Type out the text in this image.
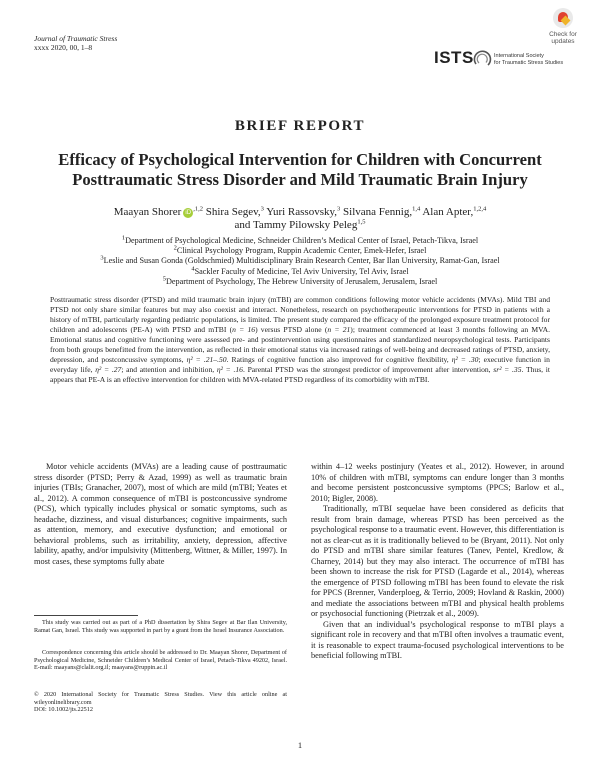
Journal of Traumatic Stress
xxxx 2020, 00, 1–8
ISTS	International Society
for Traumatic Stress Studies
Check for
updates
BRIEF REPORT
Efficacy of Psychological Intervention for Children with Concurrent
Posttraumatic Stress Disorder and Mild Traumatic Brain Injury
Maayan Shorer $iD^{,1,2}$ Shira Segev,$^3$ Yuri Rassovsky,$^3$ Silvana Fennig,$^{1,4}$ Alan Apter,$^{1,2,4}$
and Tammy Pilowsky Peleg$^{1,5}$
$^1$Department of Psychological Medicine, Schneider Children’s Medical Center of Israel, Petach-Tikva, Israel
$^2$Clinical Psychology Program, Ruppin Academic Center, Emek-Hefer, Israel
$^3$Leslie and Susan Gonda (Goldschmied) Multidisciplinary Brain Research Center, Bar Ilan University, Ramat-Gan, Israel
$^4$Sackler Faculty of Medicine, Tel Aviv University, Tel Aviv, Israel
$^5$Department of Psychology, The Hebrew University of Jerusalem, Jerusalem, Israel
Posttraumatic stress disorder (PTSD) and mild traumatic brain injury (mTBI) are common conditions following motor vehicle accidents (MVAs). Mild TBI and PTSD not only share similar features but may also coexist and interact. Nonetheless, research on psychotherapeutic interventions for PTSD in patients with a history of mTBI, particularly regarding pediatric populations, is limited. The present study compared the efficacy of the prolonged exposure treatment protocol for children and adolescents (PE-A) with PTSD and mTBI (n = 16) versus PTSD alone (n = 21); treatment commenced at least 3 months following an MVA. Emotional status and cognitive functioning were assessed pre- and postintervention using questionnaires and standardized neuropsychological tests. Participants from both groups benefitted from the intervention, as reflected in their emotional status via increased ratings of well-being and decreased ratings of PTSD, anxiety, depression, and postconcussive symptoms, η² = .21–.50. Ratings of cognitive function also improved for cognitive flexibility, η² = .30; executive function in everyday life, η² = .27; and attention and inhibition, η² = .16. Parental PTSD was the strongest predictor of improvement after intervention, sr² = .35. Thus, it appears that PE-A is an effective intervention for children with MVA-related PTSD regardless of its comorbidity with mTBI.

Motor vehicle accidents (MVAs) are a leading cause of posttraumatic stress disorder (PTSD; Perry & Azad, 1999) as well as traumatic brain injuries (TBIs; Granacher, 2007), most of which are mild (mTBI; Yeates et al., 2012). A common consequence of mTBI is postconcussive syndrome (PCS), which typically includes physical or somatic symptoms, such as headache, dizziness, and visual disturbances; cognitive impairments, such as attention, memory, and executive dysfunction; and emotional or behavioral problems, such as irritability, anxiety, depression, affective lability, apathy, and/or impulsivity (Mittenberg, Wittner, & Miller, 1997). In most cases, these symptoms fully abate

within 4–12 weeks postinjury (Yeates et al., 2012). However, in around 10% of children with mTBI, symptoms can endure longer than 3 months and become persistent postconcussive symptoms (PPCS; Barlow et al., 2010; Bigler, 2008).

Traditionally, mTBI sequelae have been considered as deficits that result from brain damage, whereas PTSD has been perceived as the psychological response to a traumatic event. However, this differentiation is not as clear-cut as it is traditionally believed to be (Bryant, 2011). Not only do PTSD and mTBI share similar features (Tanev, Pentel, Kredlow, & Charney, 2014) but they may also interact. The occurrence of mTBI has been shown to increase the risk for PTSD (Lagarde et al., 2014), whereas the emergence of PTSD following mTBI has been found to elevate the risk for PPCS (Brenner, Vanderploeg, & Terrio, 2009; Hovland & Raskin, 2000) and mediate the associations between mTBI and physical health problems or psychosocial functioning (Pietrzak et al., 2009).

Given that an individual’s psychological response to mTBI plays a significant role in recovery and that mTBI often involves a traumatic event, it is reasonable to expect trauma-focused psychological interventions to be beneficial following mTBI.

This study was carried out as part of a PhD dissertation by Shira Segev at Bar Ilan University, Ramat Gan, Israel. This study was supported in part by a grant from the Israel Insurance Association.
Correspondence concerning this article should be addressed to Dr. Maayan Shorer, Department of Psychological Medicine, Schneider Children’s Medical Center of Israel, Petach-Tikva 49202, Israel. E-mail: maayans@clalit.org.il; maayans@ruppin.ac.il
© 2020 International Society for Traumatic Stress Studies. View this article online at wileyonlinelibrary.com
DOI: 10.1002/jts.22512
1
